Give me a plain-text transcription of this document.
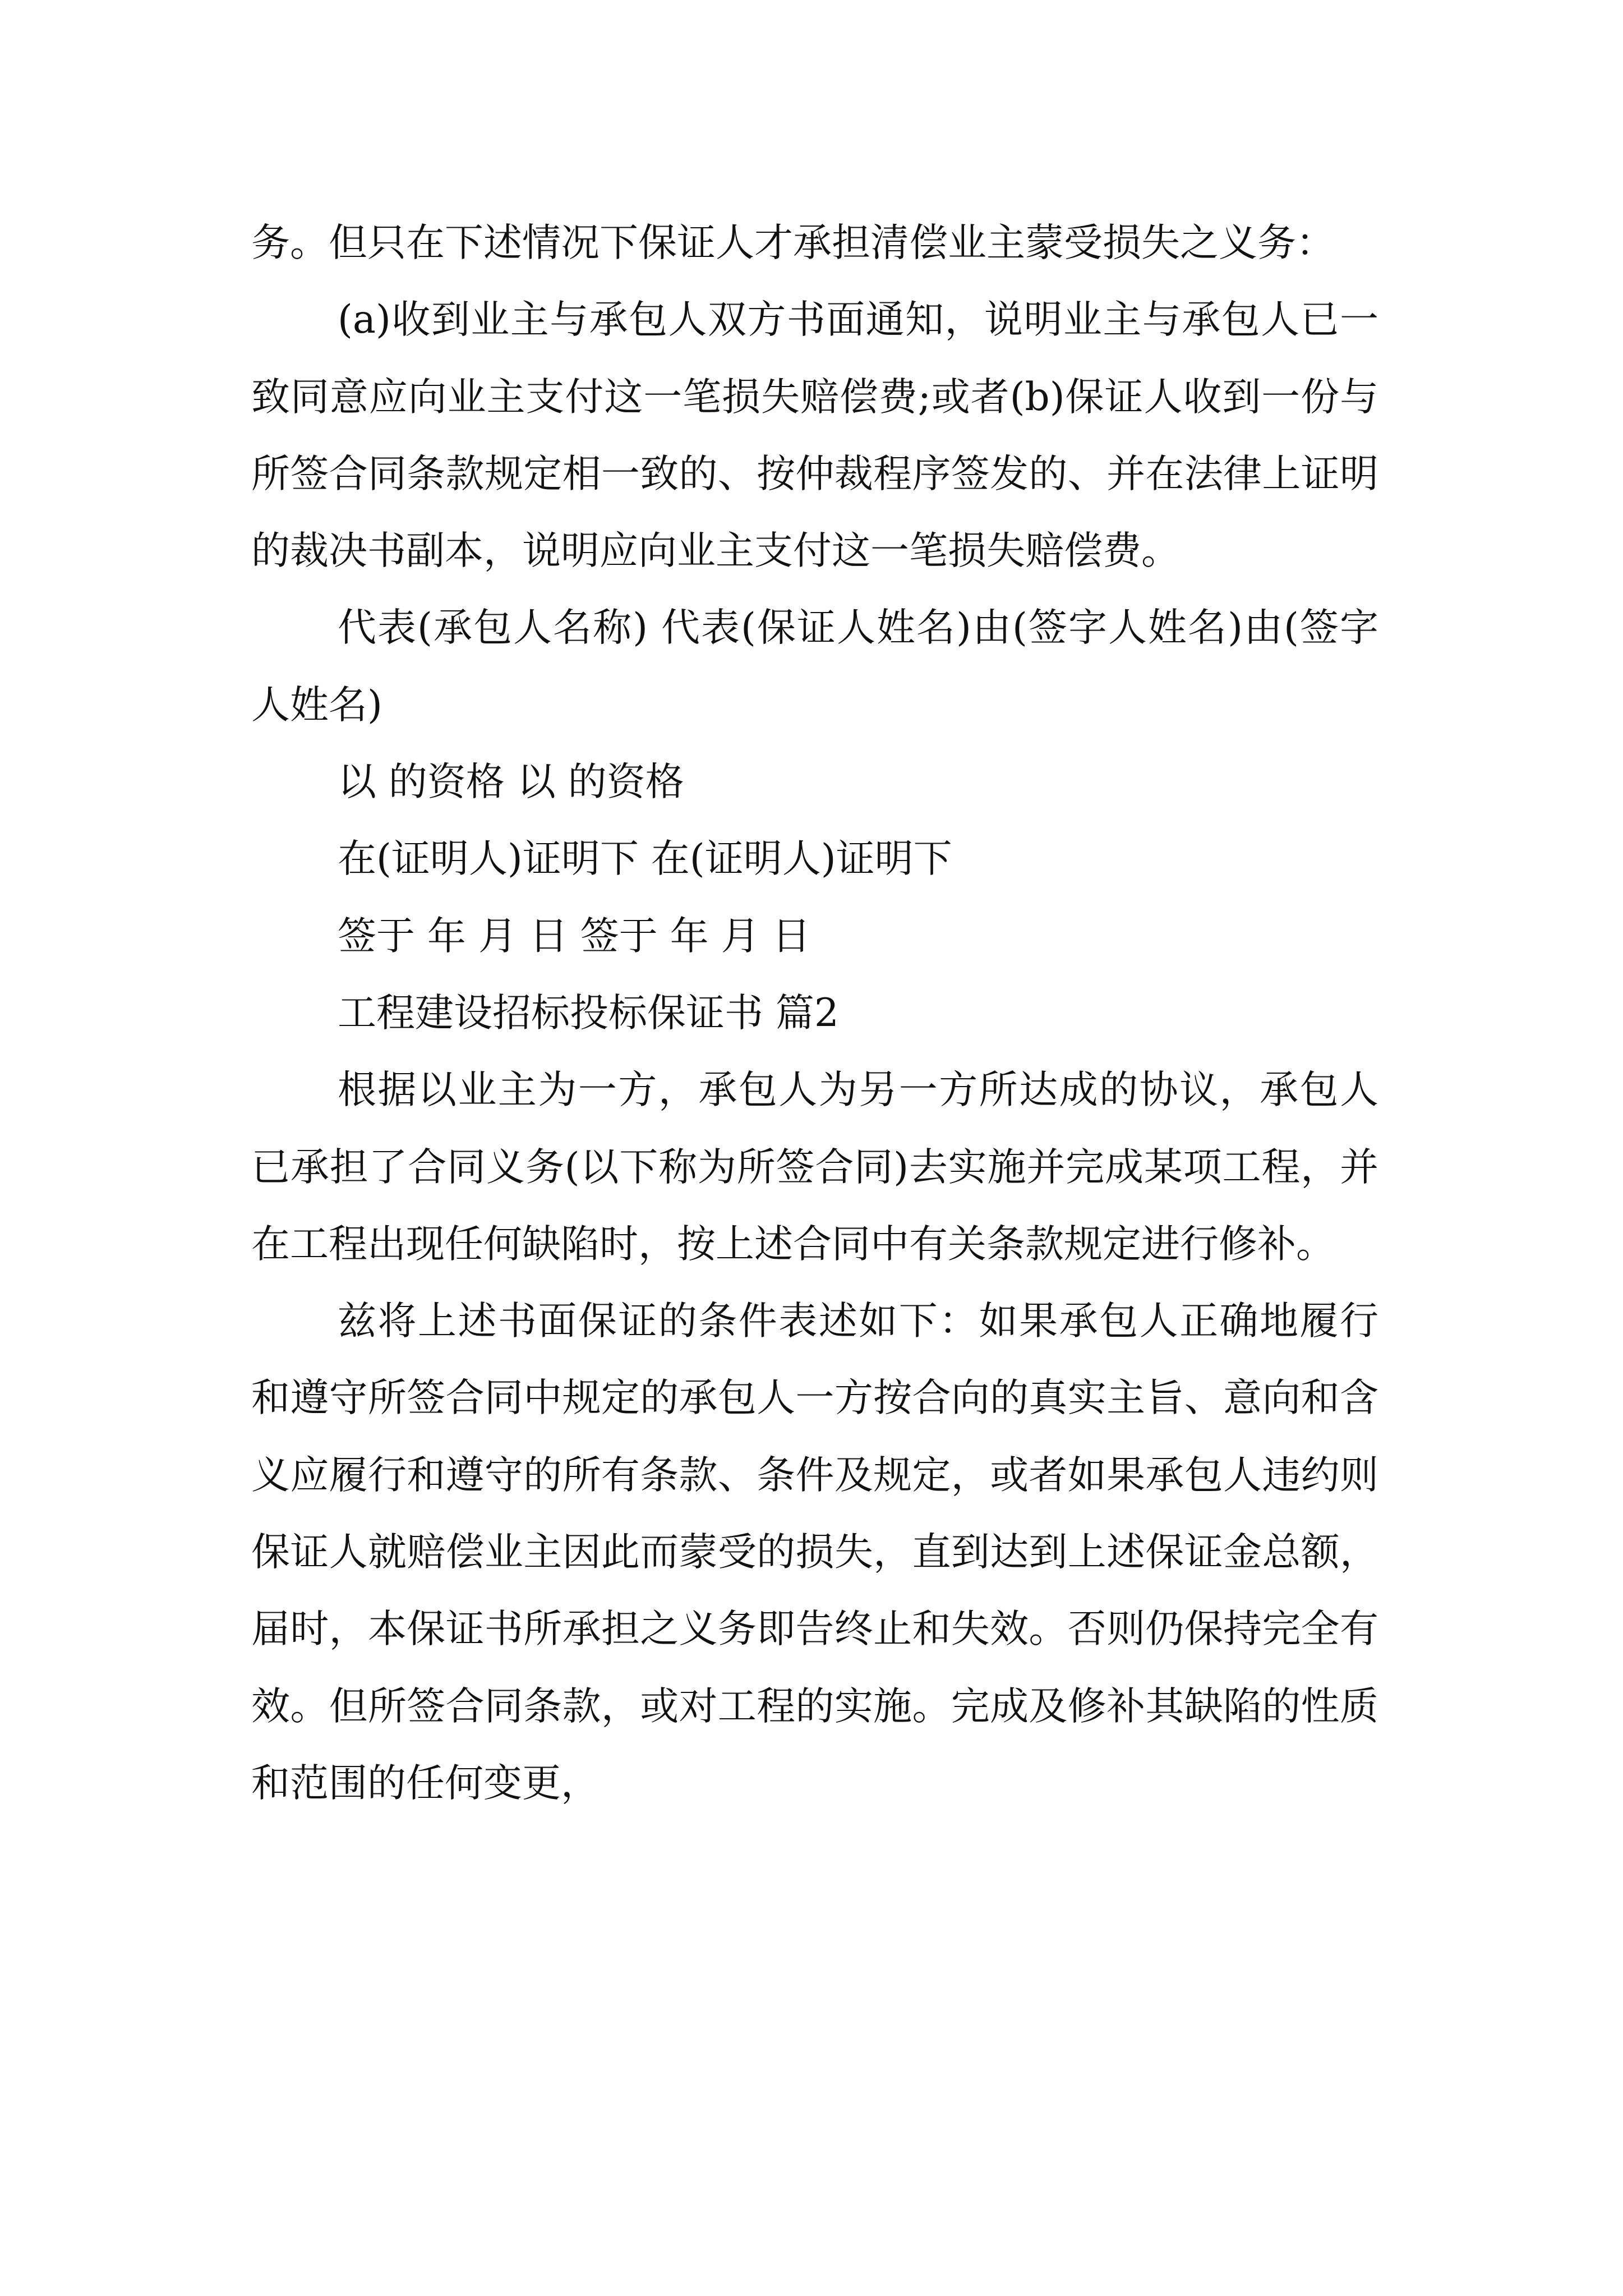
务。但只在下述情况下保证人才承担清偿业主蒙受损失之义务：

(a)收到业主与承包人双方书面通知，说明业主与承包人已一致同意应向业主支付这一笔损失赔偿费;或者(b)保证人收到一份与所签合同条款规定相一致的、按仲裁程序签发的、并在法律上证明的裁决书副本，说明应向业主支付这一笔损失赔偿费。

代表(承包人名称) 代表(保证人姓名)由(签字人姓名)由(签字人姓名)

以 的资格 以 的资格

在(证明人)证明下 在(证明人)证明下

签于 年 月 日 签于 年 月 日

工程建设招标投标保证书 篇2

根据以业主为一方，承包人为另一方所达成的协议，承包人已承担了合同义务(以下称为所签合同)去实施并完成某项工程，并在工程出现任何缺陷时，按上述合同中有关条款规定进行修补。

兹将上述书面保证的条件表述如下：如果承包人正确地履行和遵守所签合同中规定的承包人一方按合向的真实主旨、意向和含义应履行和遵守的所有条款、条件及规定，或者如果承包人违约则保证人就赔偿业主因此而蒙受的损失，直到达到上述保证金总额，届时，本保证书所承担之义务即告终止和失效。否则仍保持完全有效。但所签合同条款，或对工程的实施。完成及修补其缺陷的性质和范围的任何变更，
